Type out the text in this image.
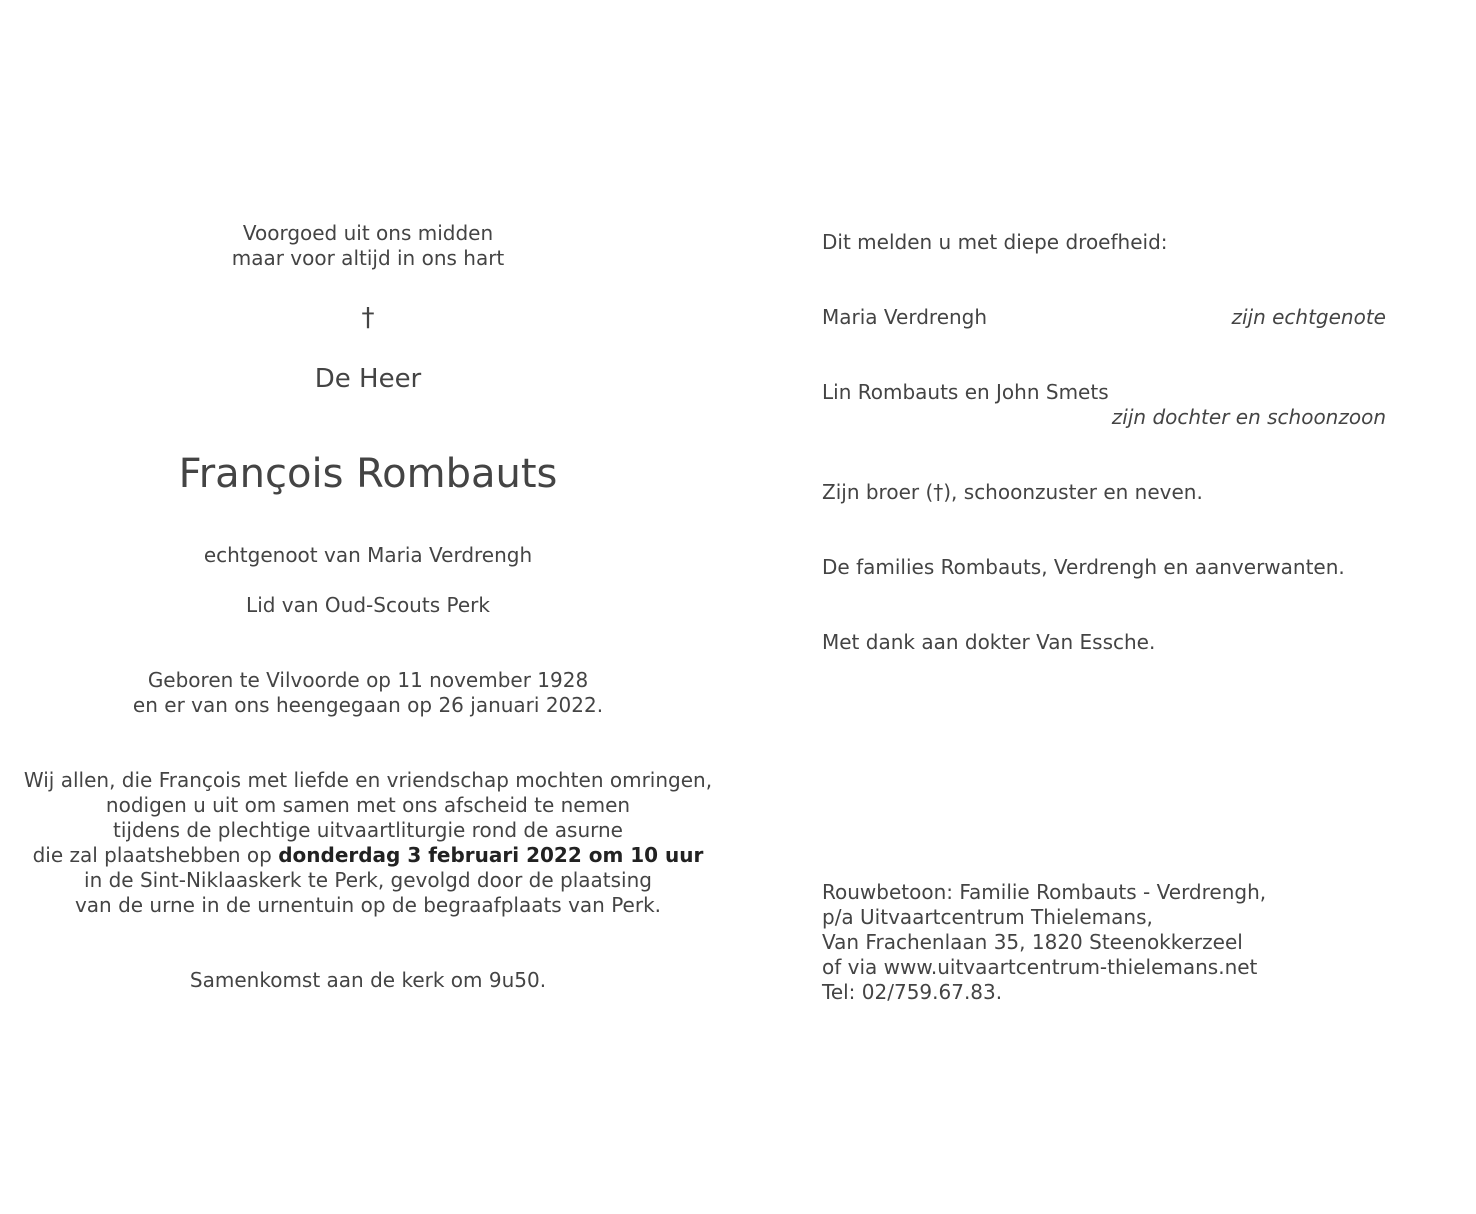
Voorgoed uit ons midden
maar voor altijd in ons hart
†
De Heer
François Rombauts
echtgenoot van Maria Verdrengh
Lid van Oud-Scouts Perk
Geboren te Vilvoorde op 11 november 1928
en er van ons heengegaan op 26 januari 2022.
Wij allen, die François met liefde en vriendschap mochten omringen,
nodigen u uit om samen met ons afscheid te nemen
tijdens de plechtige uitvaartliturgie rond de asurne
die zal plaatshebben op donderdag 3 februari 2022 om 10 uur
in de Sint-Niklaaskerk te Perk, gevolgd door de plaatsing
van de urne in de urnentuin op de begraafplaats van Perk.
Samenkomst aan de kerk om 9u50.
Dit melden u met diepe droefheid:
Maria Verdrengh	zijn echtgenote
Lin Rombauts en John Smets
zijn dochter en schoonzoon
Zijn broer (†), schoonzuster en neven.
De families Rombauts, Verdrengh en aanverwanten.
Met dank aan dokter Van Essche.
Rouwbetoon: Familie Rombauts - Verdrengh,
p/a Uitvaartcentrum Thielemans,
Van Frachenlaan 35, 1820 Steenokkerzeel
of via www.uitvaartcentrum-thielemans.net
Tel: 02/759.67.83.
